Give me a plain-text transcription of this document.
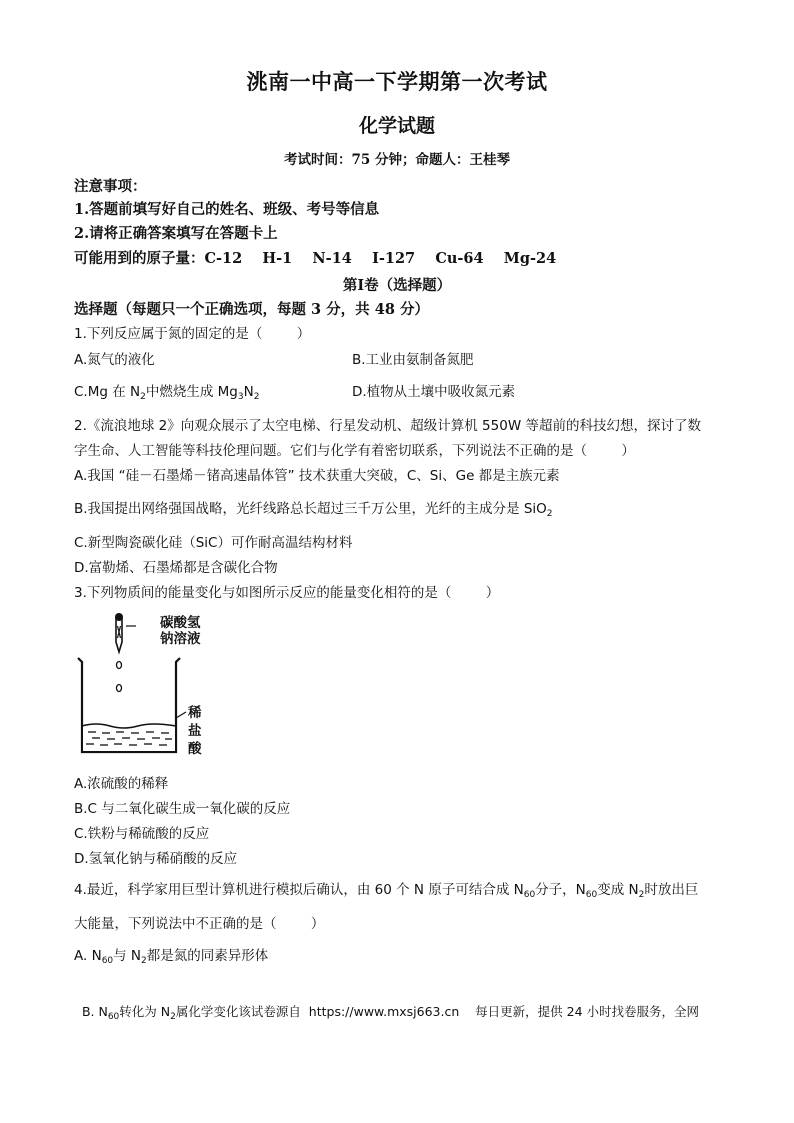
洮南一中高一下学期第一次考试
化学试题
考试时间：75 分钟；命题人：王桂琴
注意事项：
1.答题前填写好自己的姓名、班级、考号等信息
2.请将正确答案填写在答题卡上
可能用到的原子量：C-12    H-1    N-14    I-127    Cu-64    Mg-24
第Ⅰ卷（选择题）
选择题（每题只一个正确选项，每题 3 分，共 48 分）
1.下列反应属于氮的固定的是（        ）
A.氮气的液化	B.工业由氨制备氮肥
C.Mg 在 $N_2$中燃烧生成 $Mg_3N_2$	D.植物从土壤中吸收氮元素
2.《流浪地球 2》向观众展示了太空电梯、行星发动机、超级计算机 550W 等超前的科技幻想，探讨了数
字生命、人工智能等科技伦理问题。它们与化学有着密切联系，下列说法不正确的是（        ）
A.我国 “硅－石墨烯－锗高速晶体管” 技术获重大突破，C、Si、Ge 都是主族元素
B.我国提出网络强国战略，光纤线路总长超过三千万公里，光纤的主成分是 SiO$_2$
C.新型陶瓷碳化硅（SiC）可作耐高温结构材料
D.富勒烯、石墨烯都是含碳化合物
3.下列物质间的能量变化与如图所示反应的能量变化相符的是（        ）
碳酸氢
钠溶液
稀
盐
酸
A.浓硫酸的稀释
B.C 与二氧化碳生成一氧化碳的反应
C.铁粉与稀硫酸的反应
D.氢氧化钠与稀硝酸的反应
4.最近，科学家用巨型计算机进行模拟后确认，由 60 个 N 原子可结合成 $N_{60}$分子，$N_{60}$变成 $N_2$时放出巨
大能量，下列说法中不正确的是（        ）
A. $N_{60}$与 $N_2$都是氮的同素异形体

B. $N_{60}$转化为 $N_2$属化学变化该试卷源自  https://www.mxsj663.cn    每日更新，提供 24 小时找卷服务，全网
